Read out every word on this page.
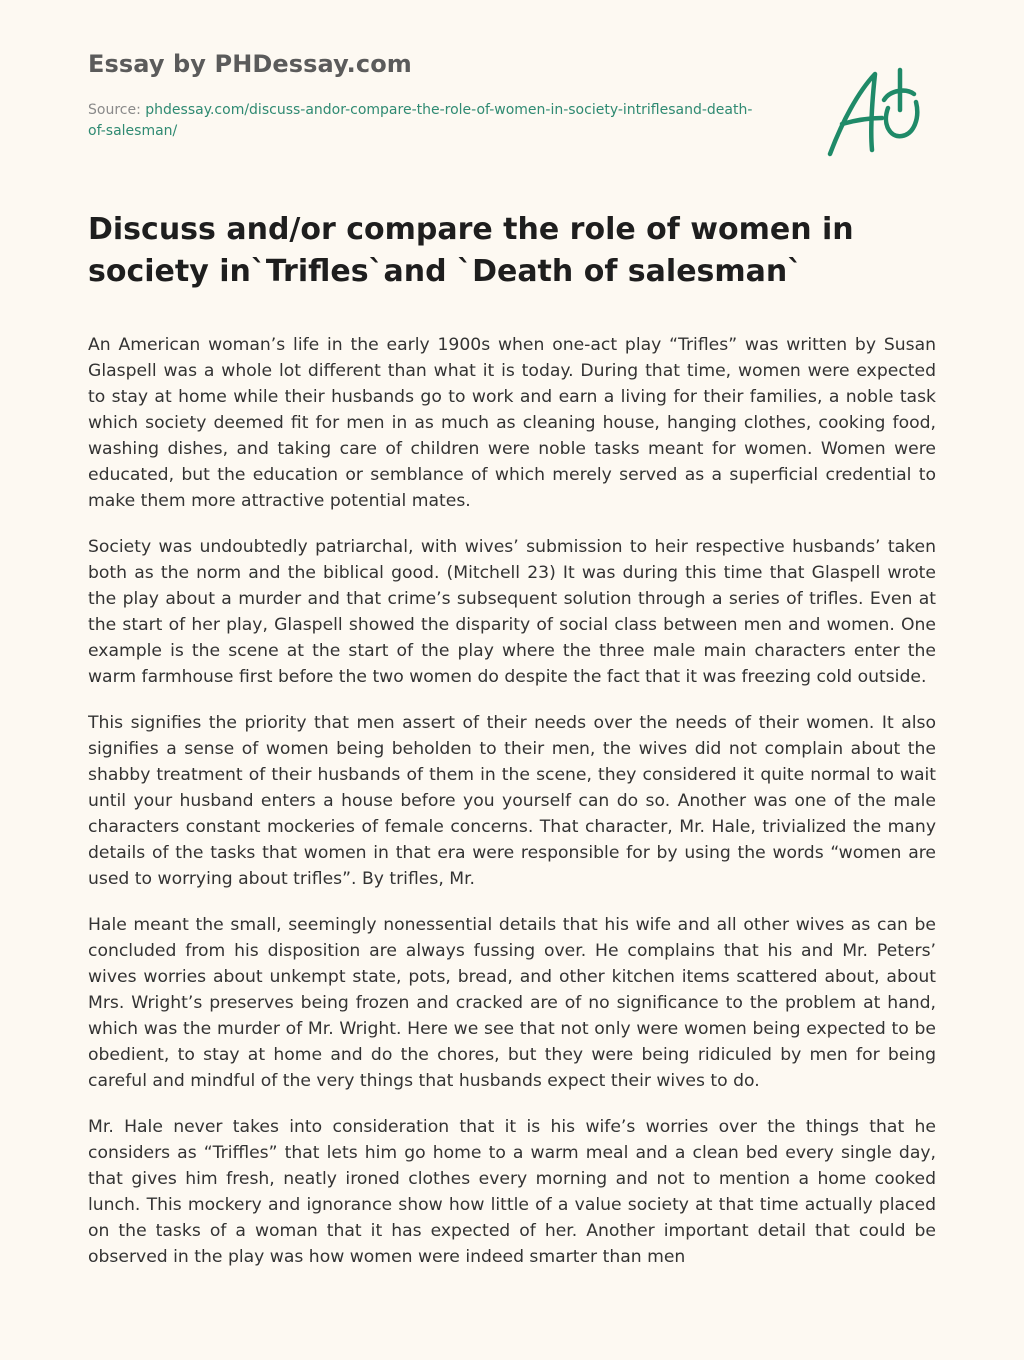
Essay by PHDessay.com
Source: phdessay.com/discuss-andor-compare-the-role-of-women-in-society-intriflesand-death-of-salesman/
Discuss and/or compare the role of women in society in`Trifles`and `Death of salesman`

An American woman’s life in the early 1900s when one-act play “Trifles” was written by Susan Glaspell was a whole lot different than what it is today. During that time, women were expected to stay at home while their husbands go to work and earn a living for their families, a noble task which society deemed fit for men in as much as cleaning house, hanging clothes, cooking food, washing dishes, and taking care of children were noble tasks meant for women. Women were educated, but the education or semblance of which merely served as a superficial credential to make them more attractive potential mates.

Society was undoubtedly patriarchal, with wives’ submission to heir respective husbands’ taken both as the norm and the biblical good. (Mitchell 23) It was during this time that Glaspell wrote the play about a murder and that crime’s subsequent solution through a series of trifles. Even at the start of her play, Glaspell showed the disparity of social class between men and women. One example is the scene at the start of the play where the three male main characters enter the warm farmhouse first before the two women do despite the fact that it was freezing cold outside.

This signifies the priority that men assert of their needs over the needs of their women. It also signifies a sense of women being beholden to their men, the wives did not complain about the shabby treatment of their husbands of them in the scene, they considered it quite normal to wait until your husband enters a house before you yourself can do so. Another was one of the male characters constant mockeries of female concerns. That character, Mr. Hale, trivialized the many details of the tasks that women in that era were responsible for by using the words “women are used to worrying about trifles”. By trifles, Mr.

Hale meant the small, seemingly nonessential details that his wife and all other wives as can be concluded from his disposition are always fussing over. He complains that his and Mr. Peters’ wives worries about unkempt state, pots, bread, and other kitchen items scattered about, about Mrs. Wright’s preserves being frozen and cracked are of no significance to the problem at hand, which was the murder of Mr. Wright. Here we see that not only were women being expected to be obedient, to stay at home and do the chores, but they were being ridiculed by men for being careful and mindful of the very things that husbands expect their wives to do.

Mr. Hale never takes into consideration that it is his wife’s worries over the things that he considers as “Triffles” that lets him go home to a warm meal and a clean bed every single day, that gives him fresh, neatly ironed clothes every morning and not to mention a home cooked lunch. This mockery and ignorance show how little of a value society at that time actually placed on the tasks of a woman that it has expected of her. Another important detail that could be observed in the play was how women were indeed smarter than men
